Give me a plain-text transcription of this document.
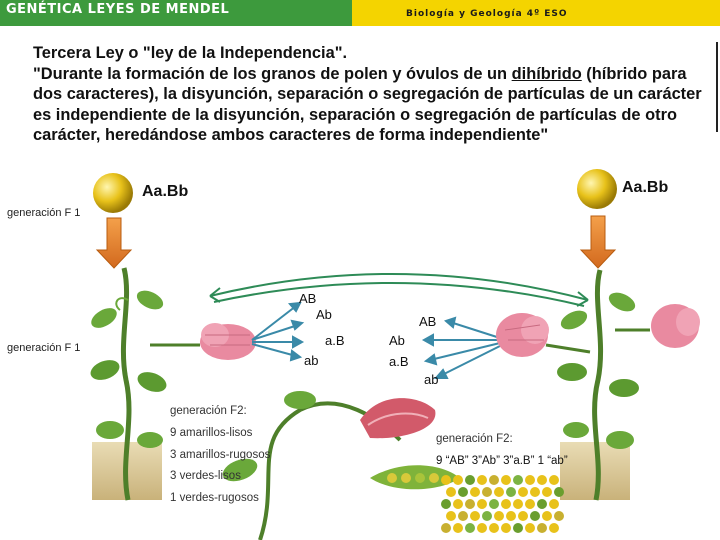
GENÉTICA LEYES DE MENDEL	Biología y Geología 4º ESO
Tercera Ley o "ley de la Independencia".
"Durante la formación de los granos de polen y óvulos de un dihíbrido (híbrido para dos caracteres), la disyunción, separación o segregación de partículas de un carácter es independiente de la disyunción, separación o segregación de partículas de otro carácter, heredándose ambos caracteres de forma independiente"
Aa.Bb	Aa.Bb
generación F 1
generación F 1
AB
Ab
a.B
ab
AB
Ab
a.B
ab
generación F2:
9 amarillos-lisos
3 amarillos-rugosos
3 verdes-lisos
1 verdes-rugosos
generación F2:
9 “AB” 3”Ab” 3”a.B” 1 “ab”
